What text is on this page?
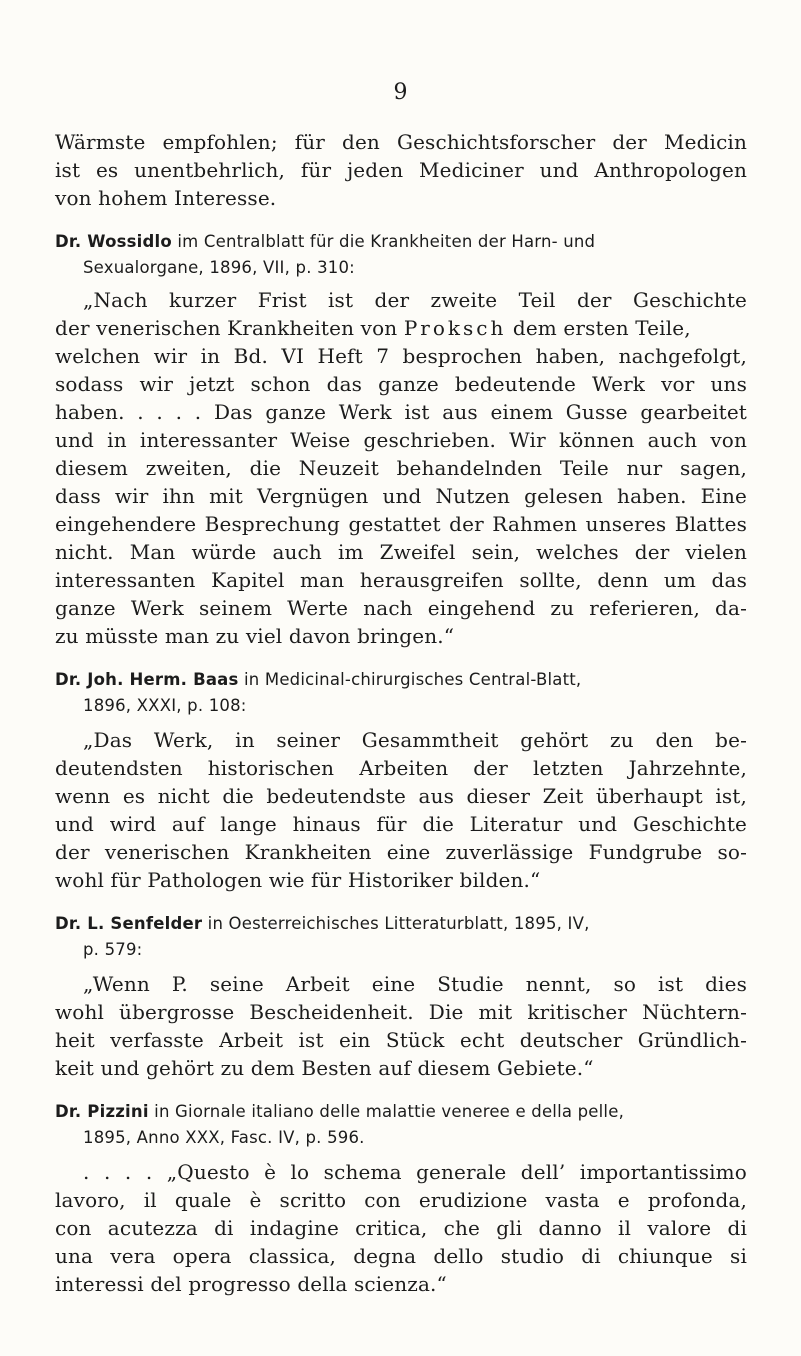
9
Wärmste empfohlen; für den Geschichtsforscher der Medicin
ist es unentbehrlich, für jeden Mediciner und Anthropologen
von hohem Interesse.
Dr. Wossidlo im Centralblatt für die Krankheiten der Harn- und
Sexualorgane, 1896, VII, p. 310:
„Nach kurzer Frist ist der zweite Teil der Geschichte
der venerischen Krankheiten von Proksch dem ersten Teile,
welchen wir in Bd. VI Heft 7 besprochen haben, nachgefolgt,
sodass wir jetzt schon das ganze bedeutende Werk vor uns
haben. . . . . Das ganze Werk ist aus einem Gusse gearbeitet
und in interessanter Weise geschrieben. Wir können auch von
diesem zweiten, die Neuzeit behandelnden Teile nur sagen,
dass wir ihn mit Vergnügen und Nutzen gelesen haben. Eine
eingehendere Besprechung gestattet der Rahmen unseres Blattes
nicht. Man würde auch im Zweifel sein, welches der vielen
interessanten Kapitel man herausgreifen sollte, denn um das
ganze Werk seinem Werte nach eingehend zu referieren, da-
zu müsste man zu viel davon bringen.“
Dr. Joh. Herm. Baas in Medicinal-chirurgisches Central-Blatt,
1896, XXXI, p. 108:
„Das Werk, in seiner Gesammtheit gehört zu den be-
deutendsten historischen Arbeiten der letzten Jahrzehnte,
wenn es nicht die bedeutendste aus dieser Zeit überhaupt ist,
und wird auf lange hinaus für die Literatur und Geschichte
der venerischen Krankheiten eine zuverlässige Fundgrube so-
wohl für Pathologen wie für Historiker bilden.“
Dr. L. Senfelder in Oesterreichisches Litteraturblatt, 1895, IV,
p. 579:
„Wenn P. seine Arbeit eine Studie nennt, so ist dies
wohl übergrosse Bescheidenheit. Die mit kritischer Nüchtern-
heit verfasste Arbeit ist ein Stück echt deutscher Gründlich-
keit und gehört zu dem Besten auf diesem Gebiete.“
Dr. Pizzini in Giornale italiano delle malattie veneree e della pelle,
1895, Anno XXX, Fasc. IV, p. 596.
. . . . „Questo è lo schema generale dell’ importantissimo
lavoro, il quale è scritto con erudizione vasta e profonda,
con acutezza di indagine critica, che gli danno il valore di
una vera opera classica, degna dello studio di chiunque si
interessi del progresso della scienza.“
